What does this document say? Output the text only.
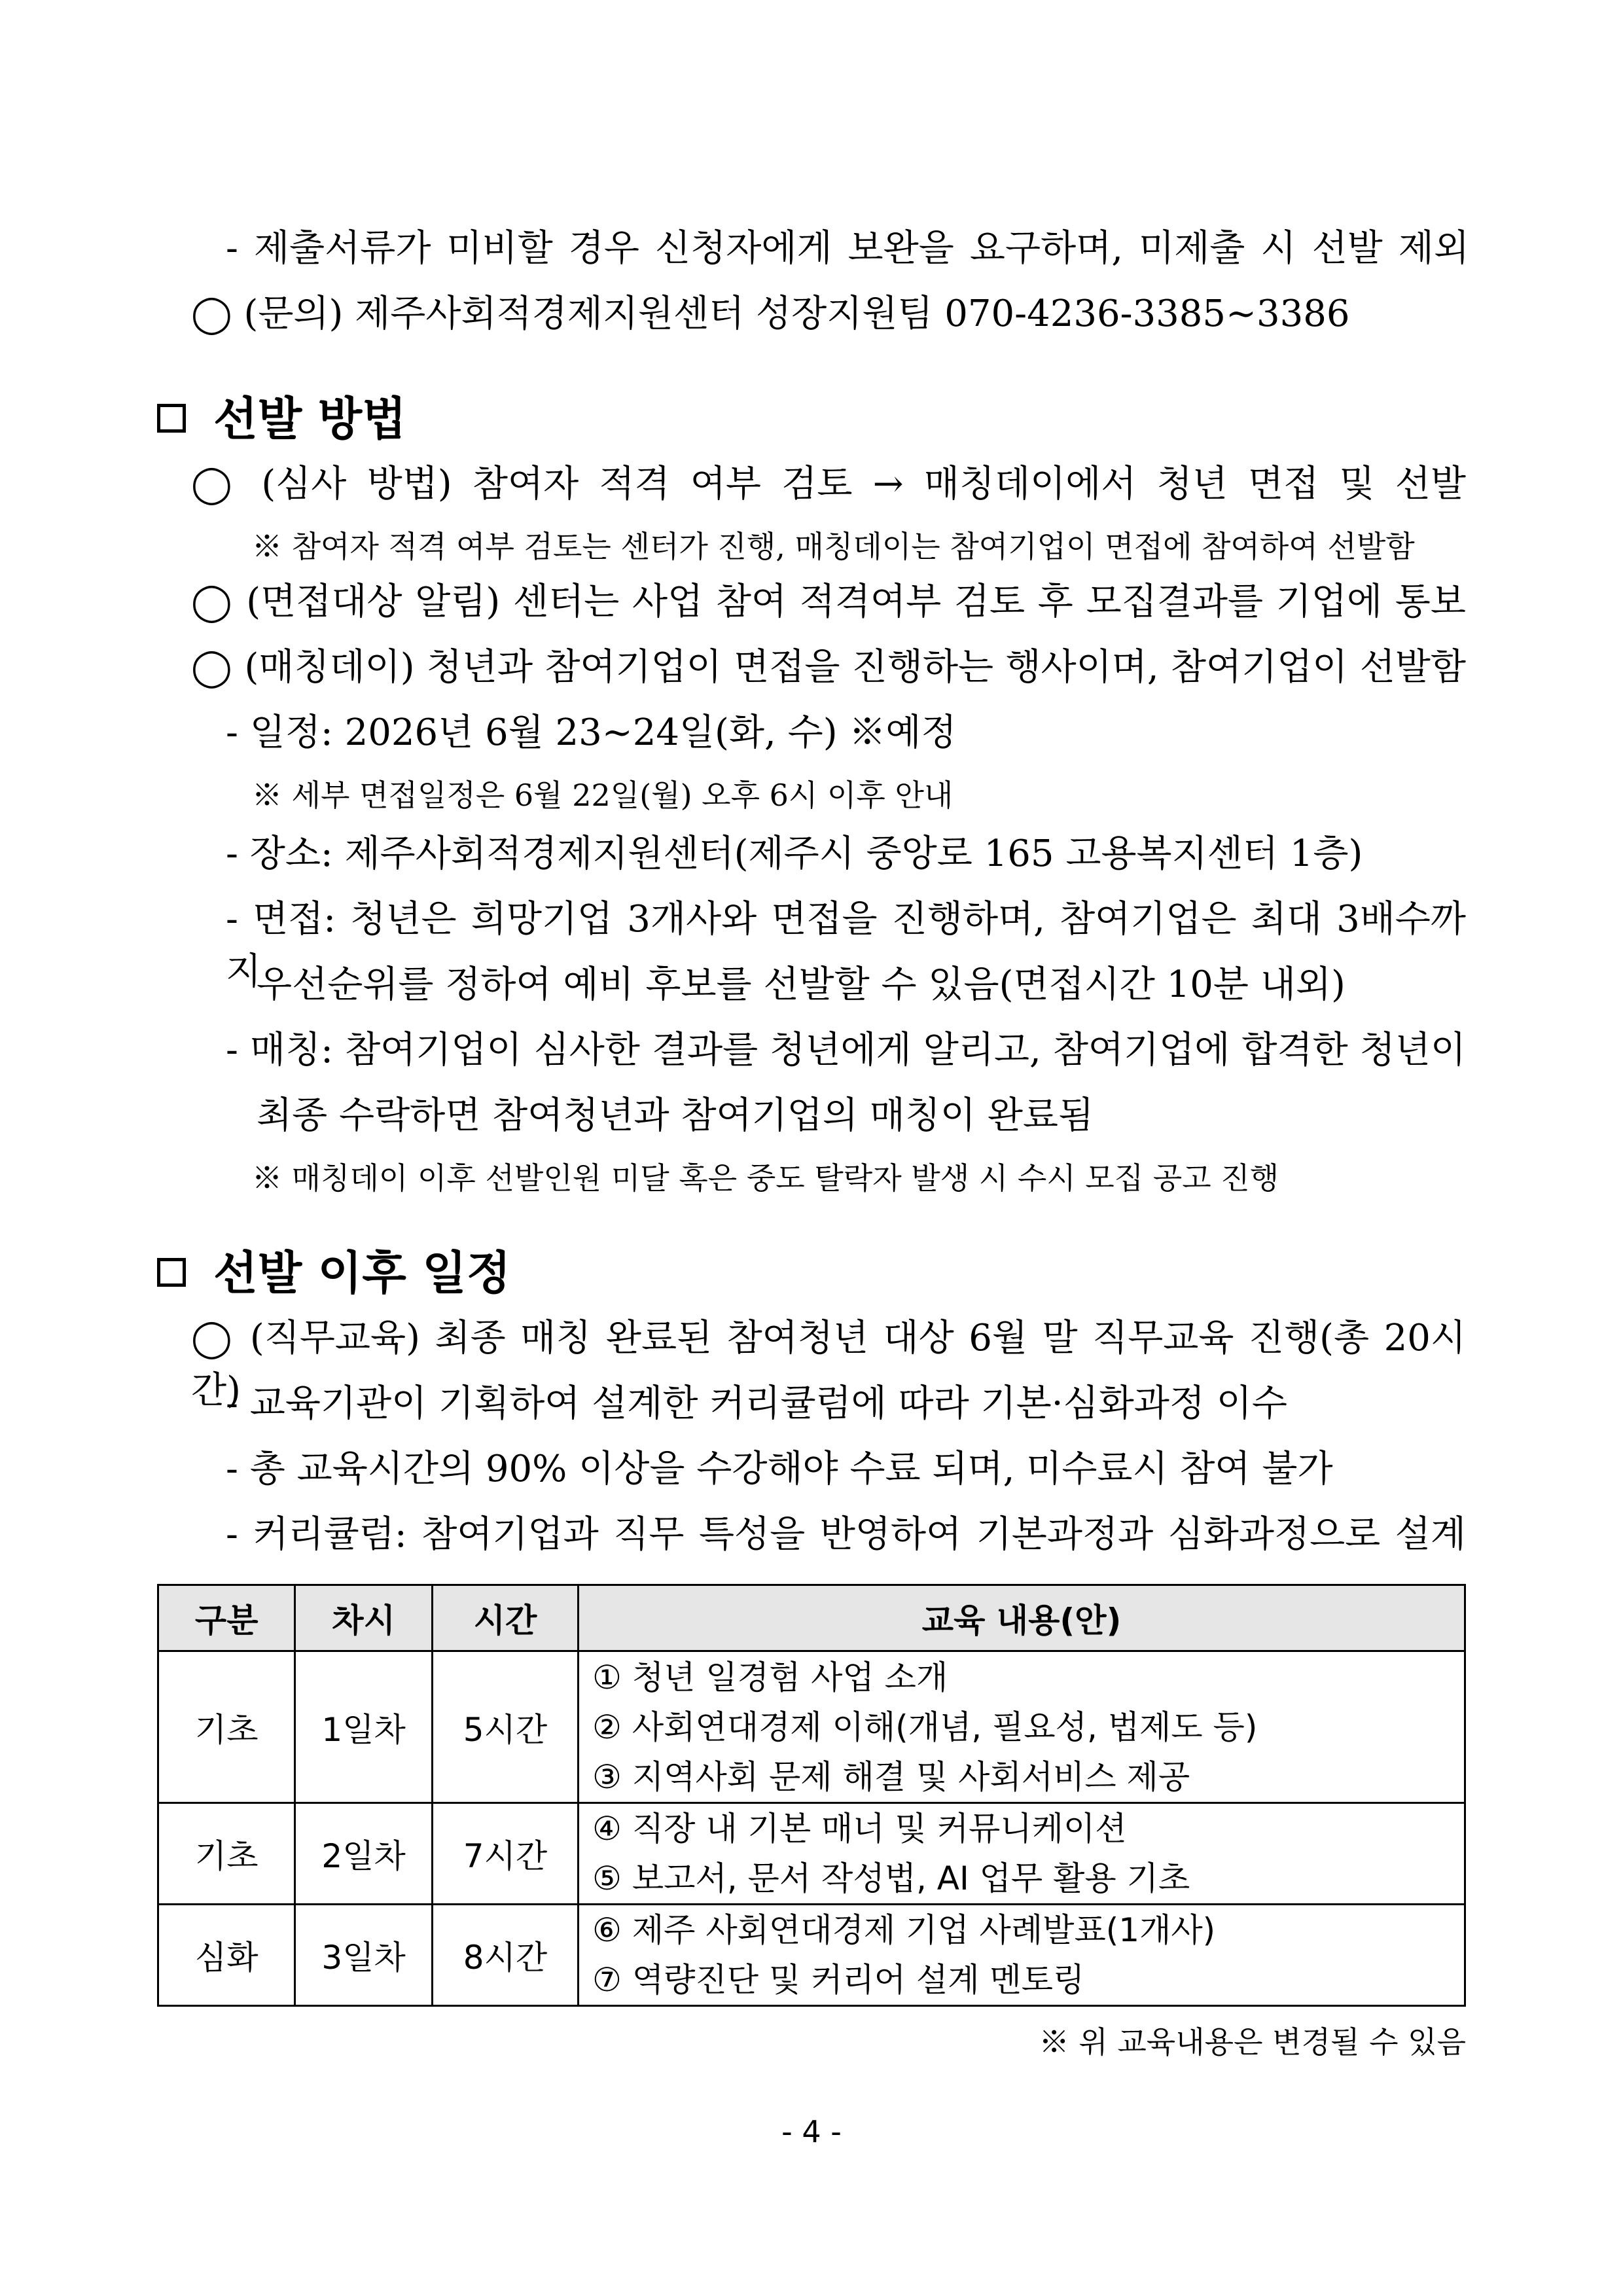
- 제출서류가 미비할 경우 신청자에게 보완을 요구하며, 미제출 시 선발 제외
◯ (문의) 제주사회적경제지원센터 성장지원팀 070-4236-3385~3386
선발 방법
◯ (심사 방법) 참여자 적격 여부 검토 → 매칭데이에서 청년 면접 및 선발
※ 참여자 적격 여부 검토는 센터가 진행, 매칭데이는 참여기업이 면접에 참여하여 선발함
◯ (면접대상 알림) 센터는 사업 참여 적격여부 검토 후 모집결과를 기업에 통보
◯ (매칭데이) 청년과 참여기업이 면접을 진행하는 행사이며, 참여기업이 선발함
- 일정: 2026년 6월 23~24일(화, 수) ※예정
※ 세부 면접일정은 6월 22일(월) 오후 6시 이후 안내
- 장소: 제주사회적경제지원센터(제주시 중앙로 165 고용복지센터 1층)
- 면접: 청년은 희망기업 3개사와 면접을 진행하며, 참여기업은 최대 3배수까지
우선순위를 정하여 예비 후보를 선발할 수 있음(면접시간 10분 내외)
- 매칭: 참여기업이 심사한 결과를 청년에게 알리고, 참여기업에 합격한 청년이
최종 수락하면 참여청년과 참여기업의 매칭이 완료됨
※ 매칭데이 이후 선발인원 미달 혹은 중도 탈락자 발생 시 수시 모집 공고 진행
선발 이후 일정
◯ (직무교육) 최종 매칭 완료된 참여청년 대상 6월 말 직무교육 진행(총 20시간)
- 교육기관이 기획하여 설계한 커리큘럼에 따라 기본·심화과정 이수
- 총 교육시간의 90% 이상을 수강해야 수료 되며, 미수료시 참여 불가
- 커리큘럼: 참여기업과 직무 특성을 반영하여 기본과정과 심화과정으로 설계
구분	차시	시간	교육 내용(안)
기초	1일차	5시간	① 청년 일경험 사업 소개
② 사회연대경제 이해(개념, 필요성, 법제도 등)
③ 지역사회 문제 해결 및 사회서비스 제공

기초	2일차	7시간	④ 직장 내 기본 매너 및 커뮤니케이션
⑤ 보고서, 문서 작성법, AI 업무 활용 기초

심화	3일차	8시간	⑥ 제주 사회연대경제 기업 사례발표(1개사)
⑦ 역량진단 및 커리어 설계 멘토링
※ 위 교육내용은 변경될 수 있음
- 4 -
